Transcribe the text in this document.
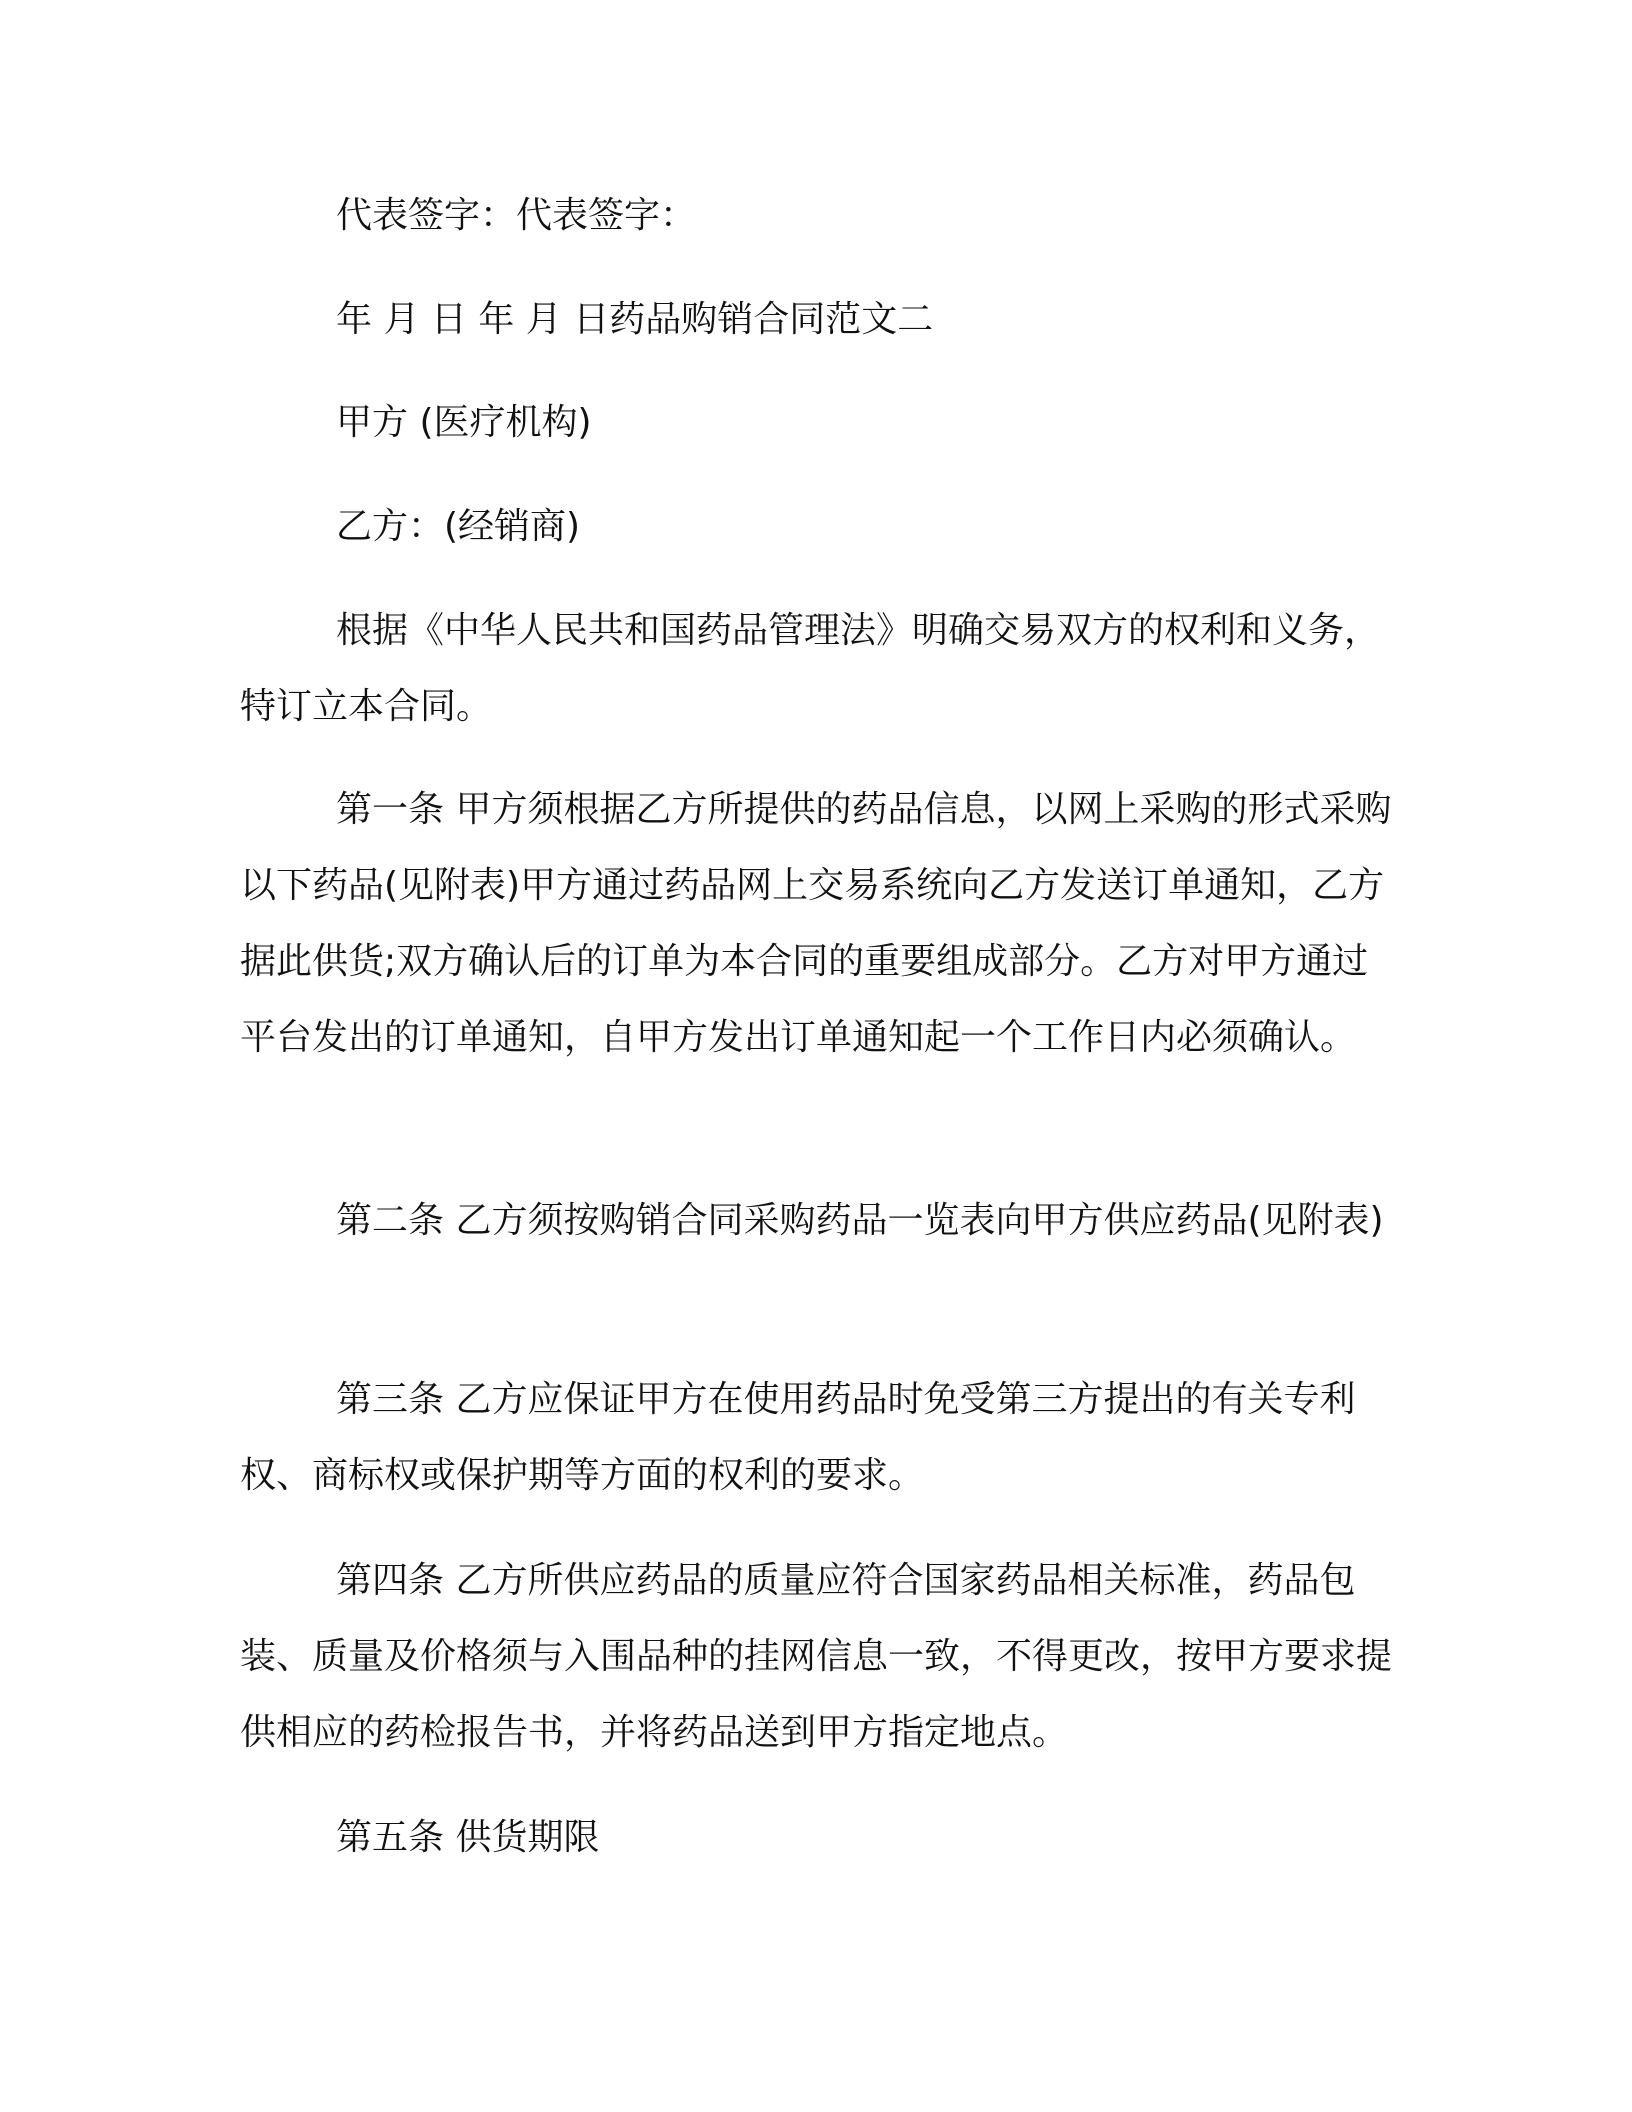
代表签字：代表签字：

年 月 日 年 月 日药品购销合同范文二

甲方 (医疗机构)

乙方：(经销商)

根据《中华人民共和国药品管理法》明确交易双方的权利和义务，特订立本合同。

第一条 甲方须根据乙方所提供的药品信息，以网上采购的形式采购以下药品(见附表)甲方通过药品网上交易系统向乙方发送订单通知，乙方据此供货;双方确认后的订单为本合同的重要组成部分。乙方对甲方通过平台发出的订单通知，自甲方发出订单通知起一个工作日内必须确认。

第二条 乙方须按购销合同采购药品一览表向甲方供应药品(见附表)

第三条 乙方应保证甲方在使用药品时免受第三方提出的有关专利权、商标权或保护期等方面的权利的要求。

第四条 乙方所供应药品的质量应符合国家药品相关标准，药品包装、质量及价格须与入围品种的挂网信息一致，不得更改，按甲方要求提供相应的药检报告书，并将药品送到甲方指定地点。

第五条 供货期限
